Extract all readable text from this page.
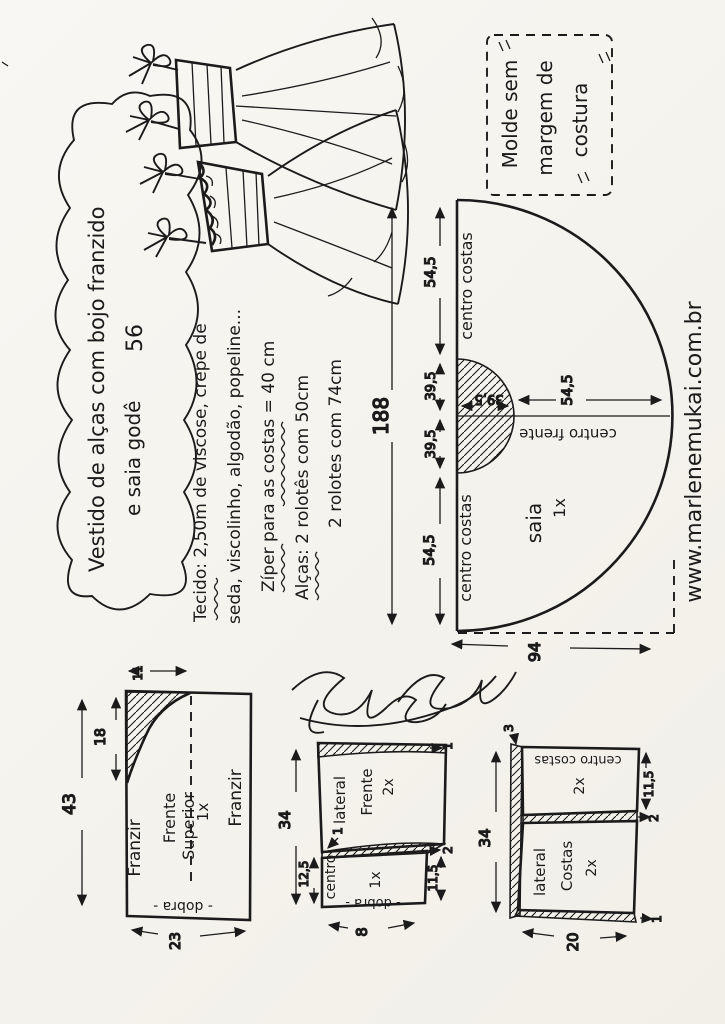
Vestido de alças com bojo franzido e saia godê
56	Tecido: 2,50m de viscose, crepe de seda, viscolinho, algodão, popeline... Zíper para as costas = 40 cm Alças: 2 rolotês com 50cm 2 rolotes com 74cm
Molde sem margem de costura
centro costas
centro costas
centro frente
saia 1x
188
54,5
39,5
39,5
54,5
39,5	54,5
94
www.marlenemukai.com.br
Franzir
Franzir
Frente Superior
1x
- dobra -
43
18
11
23
lateral Frente 2x
centro 1x
- dobra -
34
12,5	11,5
1
2
1
8
centro costas
2x
lateral Costas 2x
3
34
11,5
2
1
20
